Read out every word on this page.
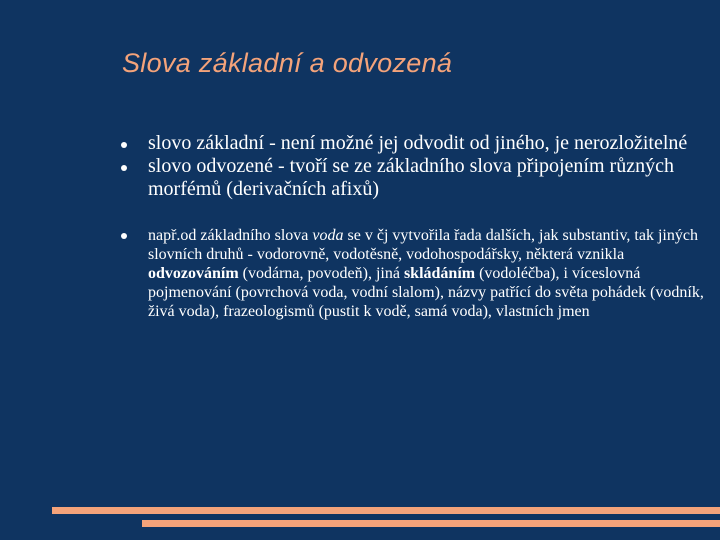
Slova základní a odvozená
slovo základní - není možné jej odvodit od jiného, je nerozložitelné
slovo odvozené - tvoří se ze základního slova připojením různých morfémů (derivačních afixů)
např.od základního slova voda se v čj vytvořila řada dalších, jak substantiv, tak jiných slovních druhů - vodorovně, vodotěsně, vodohospodářsky, některá vznikla odvozováním (vodárna, povodeň), jiná skládáním (vodoléčba), i víceslovná pojmenování (povrchová voda, vodní slalom), názvy patřící do světa pohádek (vodník, živá voda), frazeologismů (pustit k vodě, samá voda), vlastních jmen
